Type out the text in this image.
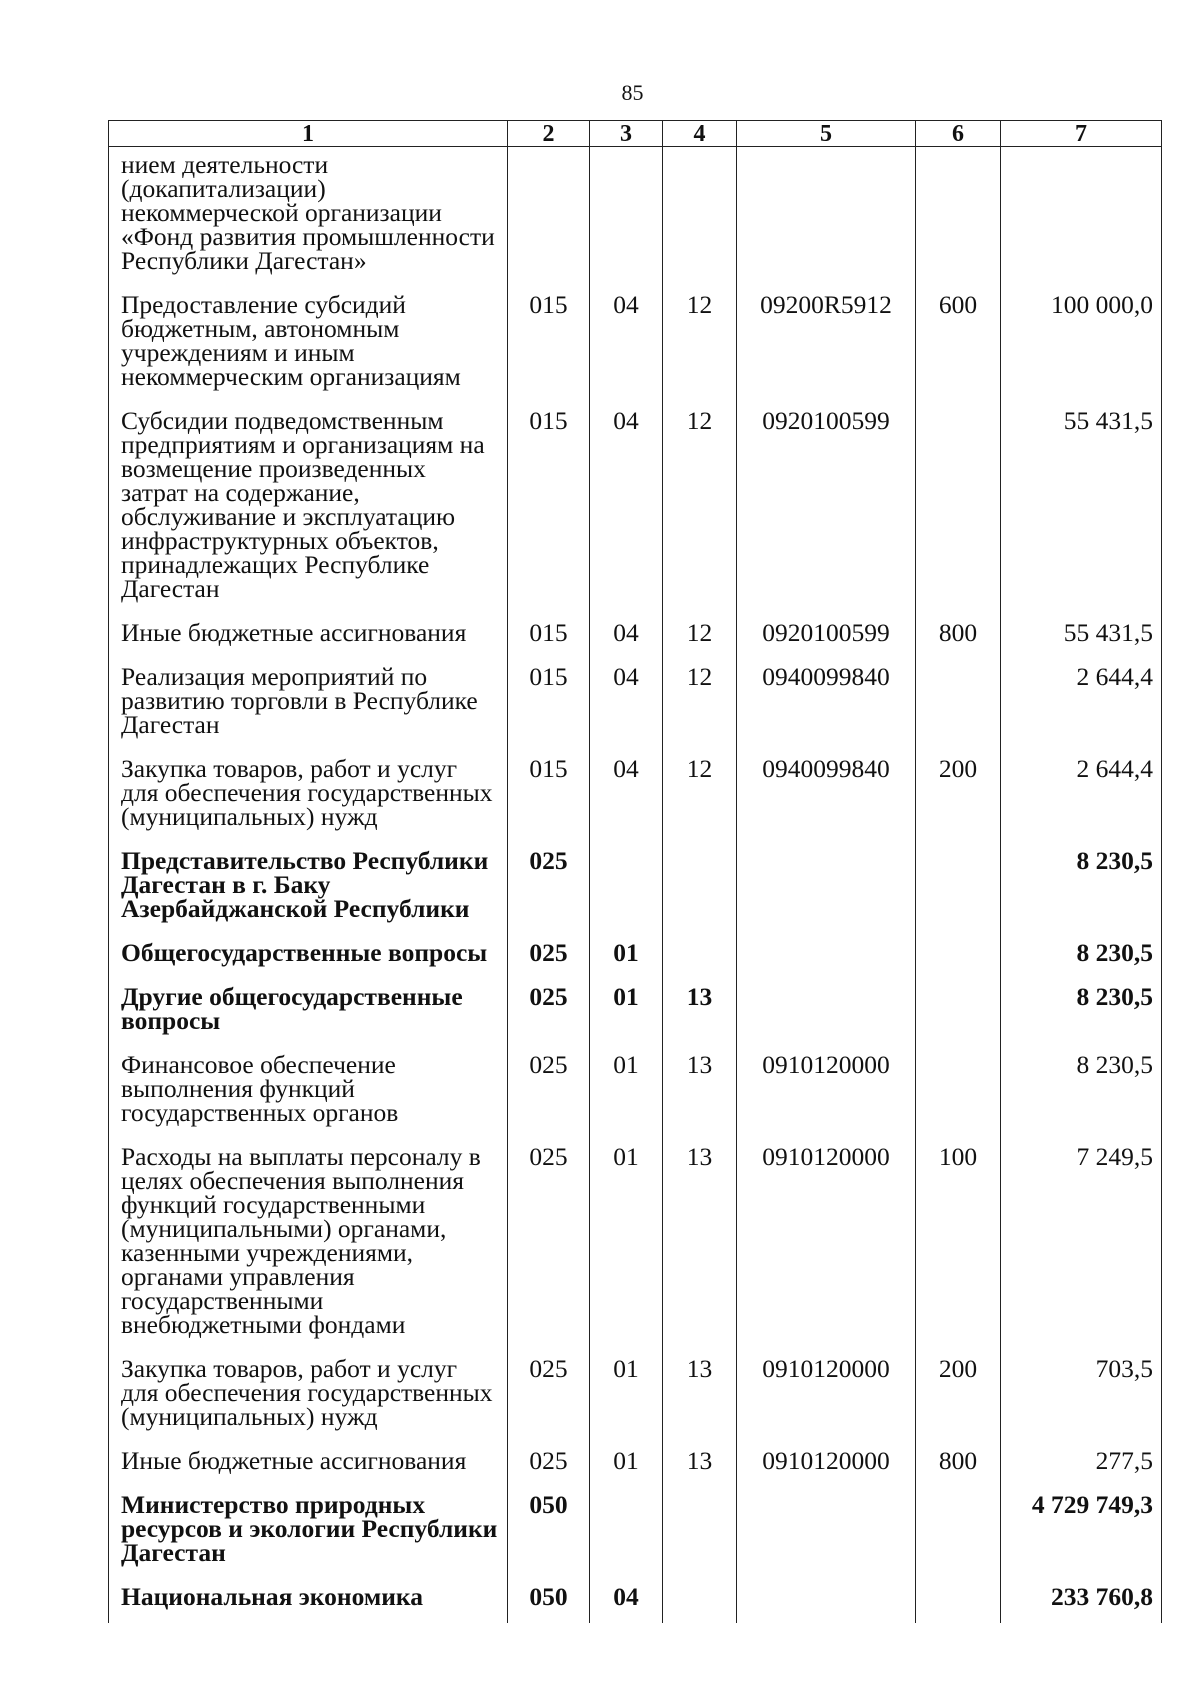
85
1	2	3	4	5	6	7
нием деятельности (докапитализации) некоммерческой организации «Фонд развития промышленности Республики Дагестан»						
Предоставление субсидий бюджетным, автономным учреждениям и иным некоммерческим организациям	015	04	12	09200R5912	600	100 000,0
Субсидии подведомственным предприятиям и организациям на возмещение произведенных затрат на содержание, обслуживание и эксплуатацию инфраструктурных объектов, принадлежащих Республике Дагестан	015	04	12	0920100599		55 431,5
Иные бюджетные ассигнования	015	04	12	0920100599	800	55 431,5
Реализация мероприятий по развитию торговли в Республике Дагестан	015	04	12	0940099840		2 644,4
Закупка товаров, работ и услуг для обеспечения государственных (муниципальных) нужд	015	04	12	0940099840	200	2 644,4
Представительство Республики Дагестан в г. Баку Азербайджанской Республики	025					8 230,5
Общегосударственные вопросы	025	01				8 230,5
Другие общегосударственные вопросы	025	01	13			8 230,5
Финансовое обеспечение выполнения функций государственных органов	025	01	13	0910120000		8 230,5
Расходы на выплаты персоналу в целях обеспечения выполнения функций государственными (муниципальными) органами, казенными учреждениями, органами управления государственными внебюджетными фондами	025	01	13	0910120000	100	7 249,5
Закупка товаров, работ и услуг для обеспечения государственных (муниципальных) нужд	025	01	13	0910120000	200	703,5
Иные бюджетные ассигнования	025	01	13	0910120000	800	277,5
Министерство природных ресурсов и экологии Республики Дагестан	050					4 729 749,3
Национальная экономика	050	04				233 760,8
